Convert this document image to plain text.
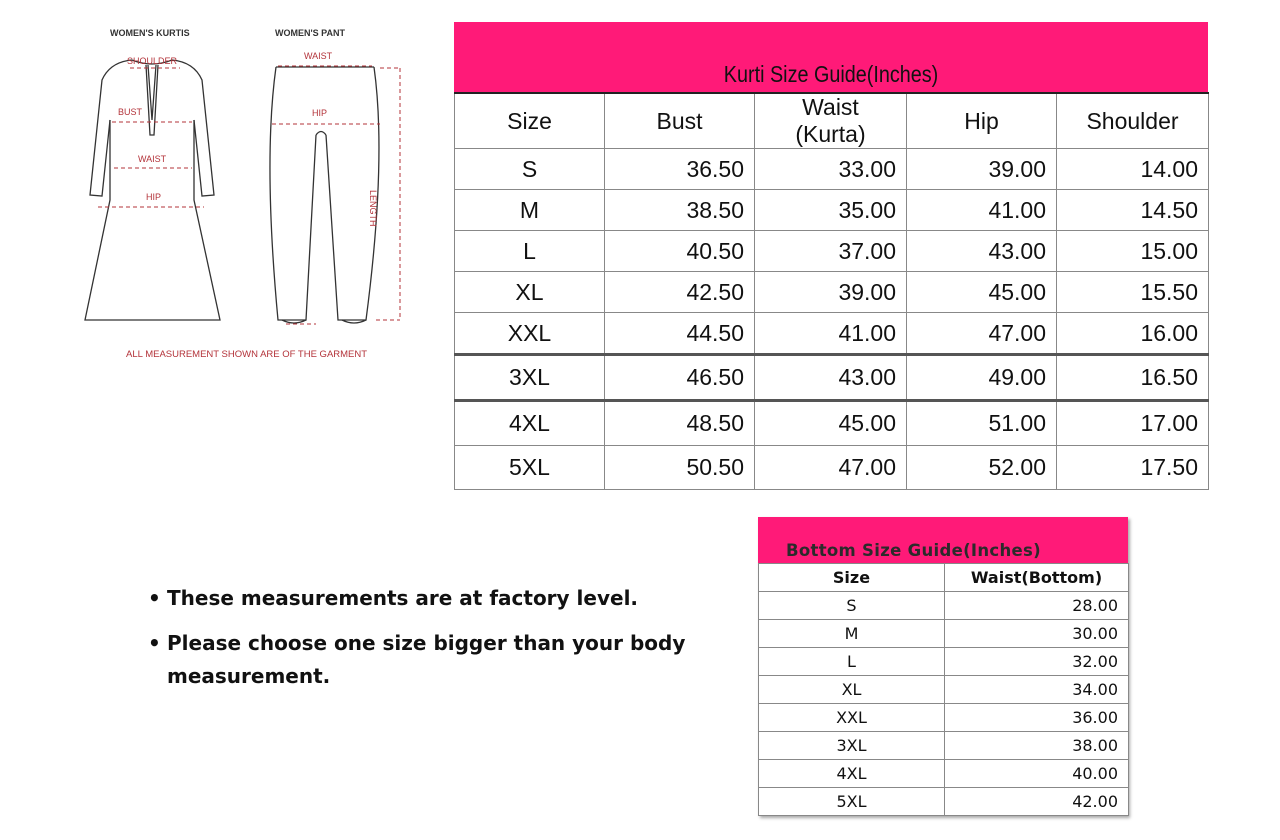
WOMEN'S KURTIS	WOMEN'S PANT
SHOULDER
BUST
WAIST
HIP
WAIST
HIP
LENGTH
ALL MEASUREMENT SHOWN ARE OF THE GARMENT
Kurti Size Guide(Inches)
Size	Bust	Waist (Kurta)	Hip	Shoulder
S	36.50	33.00	39.00	14.00
M	38.50	35.00	41.00	14.50
L	40.50	37.00	43.00	15.00
XL	42.50	39.00	45.00	15.50
XXL	44.50	41.00	47.00	16.00
3XL	46.50	43.00	49.00	16.50
4XL	48.50	45.00	51.00	17.00
5XL	50.50	47.00	52.00	17.50
• These measurements are at factory level.
• Please choose one size bigger than your body measurement.
Bottom Size Guide(Inches)
Size	Waist(Bottom)
S	28.00
M	30.00
L	32.00
XL	34.00
XXL	36.00
3XL	38.00
4XL	40.00
5XL	42.00
